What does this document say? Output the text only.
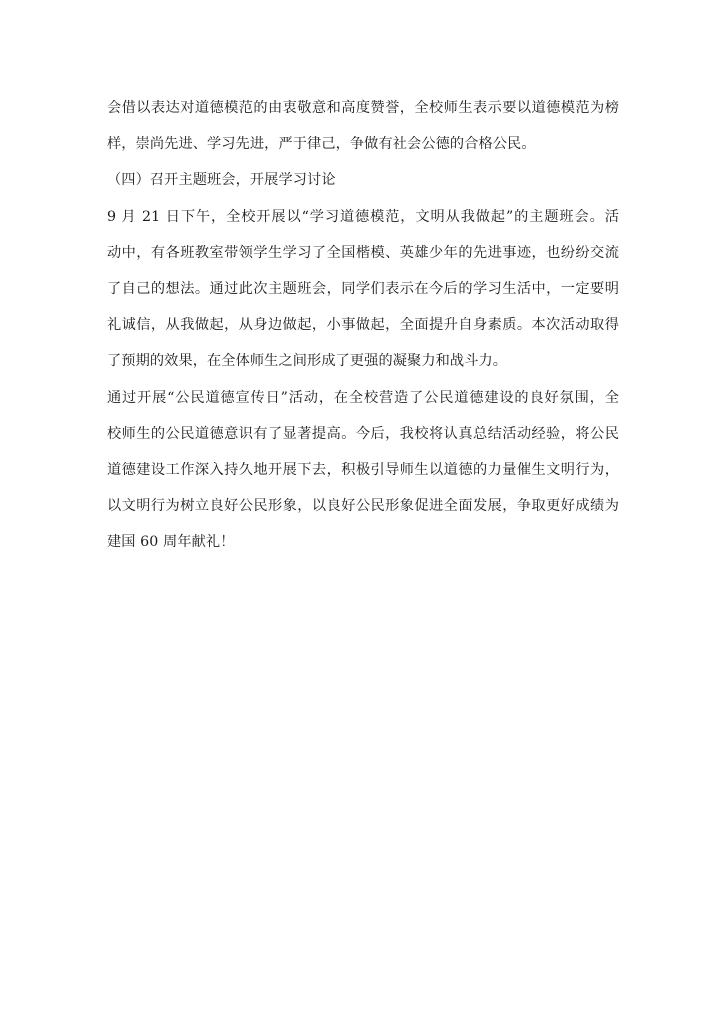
会借以表达对道德模范的由衷敬意和高度赞誉，全校师生表示要以道德模范为榜
样，崇尚先进、学习先进，严于律己，争做有社会公德的合格公民。
（四）召开主题班会，开展学习讨论
9 月 21 日下午，全校开展以“学习道德模范，文明从我做起”的主题班会。活
动中，有各班教室带领学生学习了全国楷模、英雄少年的先进事迹，也纷纷交流
了自己的想法。通过此次主题班会，同学们表示在今后的学习生活中，一定要明
礼诚信，从我做起，从身边做起，小事做起，全面提升自身素质。本次活动取得
了预期的效果，在全体师生之间形成了更强的凝聚力和战斗力。
通过开展“公民道德宣传日”活动，在全校营造了公民道德建设的良好氛围，全
校师生的公民道德意识有了显著提高。今后，我校将认真总结活动经验，将公民
道德建设工作深入持久地开展下去，积极引导师生以道德的力量催生文明行为，
以文明行为树立良好公民形象，以良好公民形象促进全面发展，争取更好成绩为
建国 60 周年献礼！
